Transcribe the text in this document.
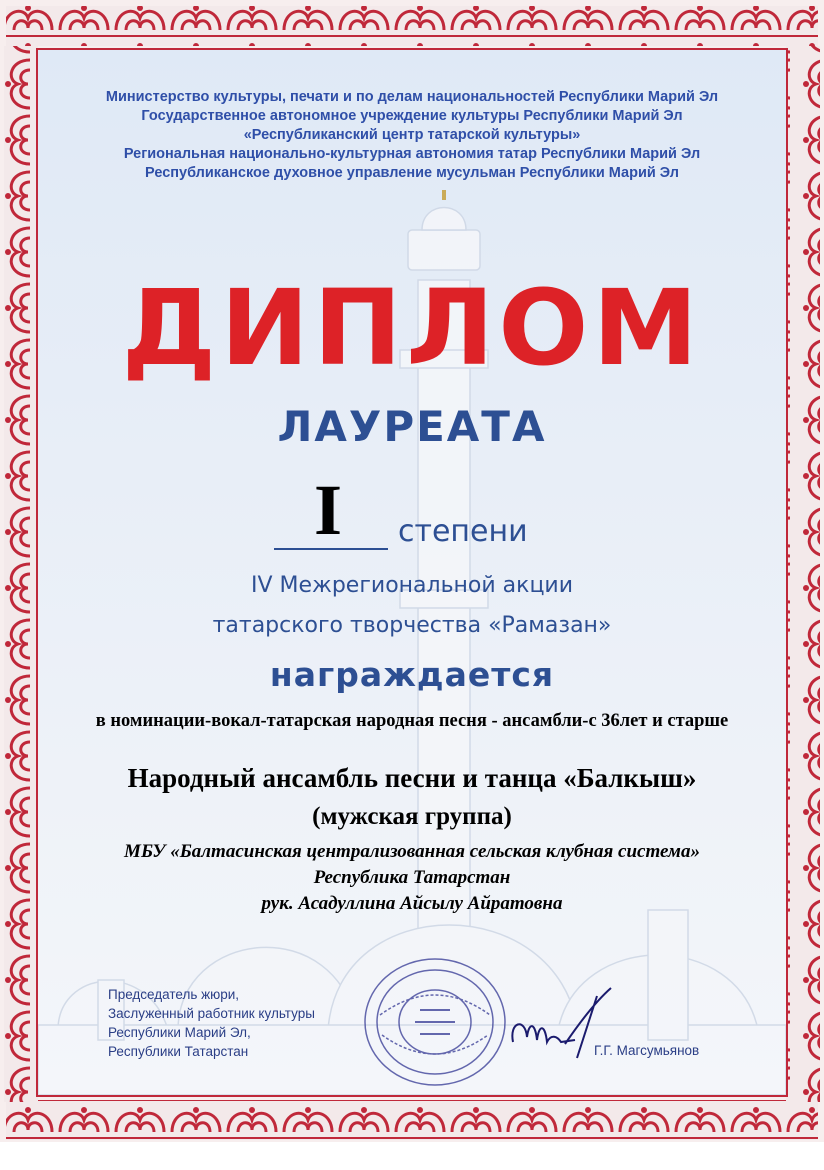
Министерство культуры, печати и по делам национальностей Республики Марий Эл
Государственное автономное учреждение культуры Республики Марий Эл
«Республиканский центр татарской культуры»
Региональная национально-культурная автономия татар Республики Марий Эл
Республиканское духовное управление мусульман Республики Марий Эл
ДИПЛОМ
ЛАУРЕАТА
I степени
IV Межрегиональной акции
татарского творчества «Рамазан»
награждается
в номинации-вокал-татарская народная песня - ансамбли-с 36лет и старше
Народный ансамбль песни и танца «Балкыш»
(мужская группа)
МБУ «Балтасинская централизованная сельская клубная система»
Республика Татарстан
рук. Асадуллина Айсылу Айратовна
Председатель жюри,
Заслуженный работник культуры
Республики Марий Эл,
Республики Татарстан	Г.Г. Магсумьянов
